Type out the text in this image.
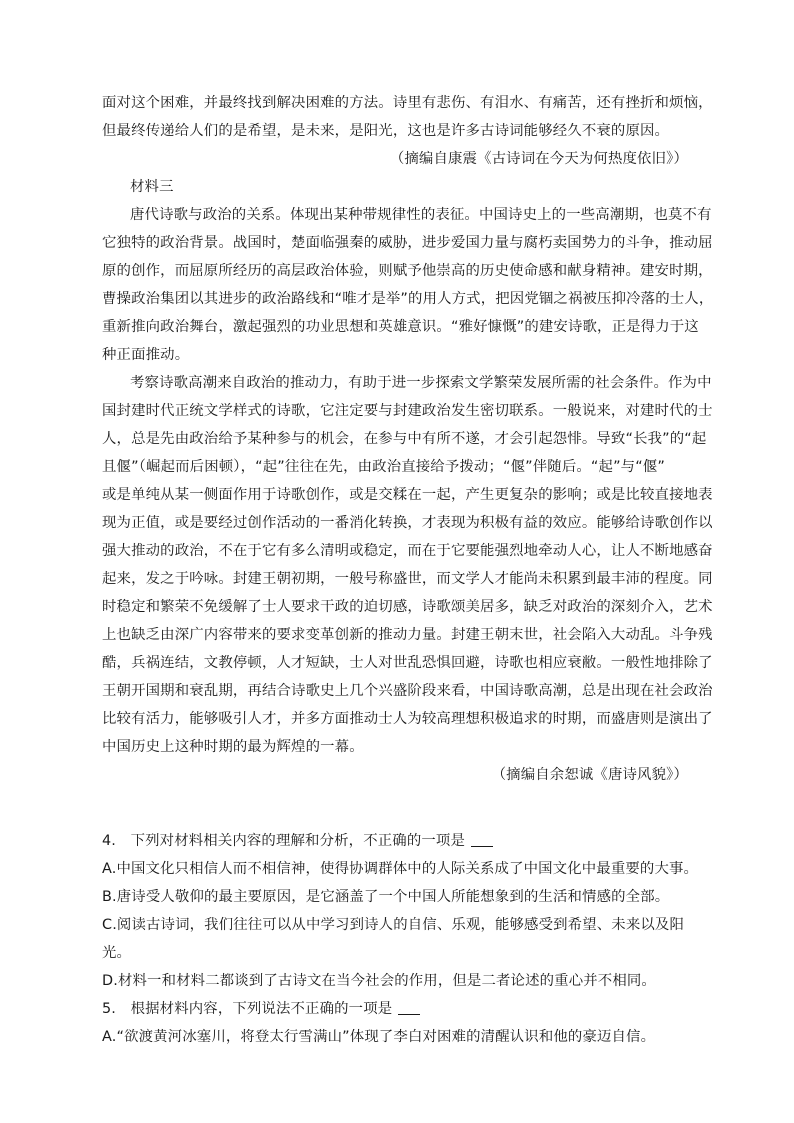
面对这个困难，并最终找到解决困难的方法。诗里有悲伤、有泪水、有痛苦，还有挫折和烦恼，
但最终传递给人们的是希望，是未来，是阳光，这也是许多古诗词能够经久不衰的原因。
（摘编自康震《古诗词在今天为何热度依旧》）
材料三
唐代诗歌与政治的关系。体现出某种带规律性的表征。中国诗史上的一些高潮期，也莫不有
它独特的政治背景。战国时，楚面临强秦的威胁，进步爱国力量与腐朽卖国势力的斗争，推动屈
原的创作，而屈原所经历的高层政治体验，则赋予他崇高的历史使命感和献身精神。建安时期，
曹操政治集团以其进步的政治路线和“唯才是举”的用人方式，把因党锢之祸被压抑冷落的士人，
重新推向政治舞台，激起强烈的功业思想和英雄意识。“雅好慷慨”的建安诗歌，正是得力于这
种正面推动。
考察诗歌高潮来自政治的推动力，有助于进一步探索文学繁荣发展所需的社会条件。作为中
国封建时代正统文学样式的诗歌，它注定要与封建政治发生密切联系。一般说来，对建时代的士
人，总是先由政治给予某种参与的机会，在参与中有所不遂，才会引起怨悱。导致“长我”的“起
且偃”（崛起而后困顿），“起”往往在先，由政治直接给予拨动；“偃”伴随后。“起”与“偃”
或是单纯从某一侧面作用于诗歌创作，或是交糅在一起，产生更复杂的影响；或是比较直接地表
现为正值，或是要经过创作活动的一番消化转换，才表现为积极有益的效应。能够给诗歌创作以
强大推动的政治，不在于它有多么清明或稳定，而在于它要能强烈地牵动人心，让人不断地感奋
起来，发之于吟咏。封建王朝初期，一般号称盛世，而文学人才能尚未积累到最丰沛的程度。同
时稳定和繁荣不免缓解了士人要求干政的迫切感，诗歌颂美居多，缺乏对政治的深刻介入，艺术
上也缺乏由深广内容带来的要求变革创新的推动力量。封建王朝末世，社会陷入大动乱。斗争残
酷，兵祸连结，文教停顿，人才短缺，士人对世乱恐惧回避，诗歌也相应衰敝。一般性地排除了
王朝开国期和衰乱期，再结合诗歌史上几个兴盛阶段来看，中国诗歌高潮，总是出现在社会政治
比较有活力，能够吸引人才，并多方面推动士人为较高理想积极追求的时期，而盛唐则是演出了
中国历史上这种时期的最为辉煌的一幕。
（摘编自余恕诚《唐诗风貌》）
4.　下列对材料相关内容的理解和分析，不正确的一项是
A.中国文化只相信人而不相信神，使得协调群体中的人际关系成了中国文化中最重要的大事。
B.唐诗受人敬仰的最主要原因，是它涵盖了一个中国人所能想象到的生活和情感的全部。
C.阅读古诗词，我们往往可以从中学习到诗人的自信、乐观，能够感受到希望、未来以及阳
光。
D.材料一和材料二都谈到了古诗文在当今社会的作用，但是二者论述的重心并不相同。
5.　根据材料内容，下列说法不正确的一项是
A.“欲渡黄河冰塞川，将登太行雪满山”体现了李白对困难的清醒认识和他的豪迈自信。
